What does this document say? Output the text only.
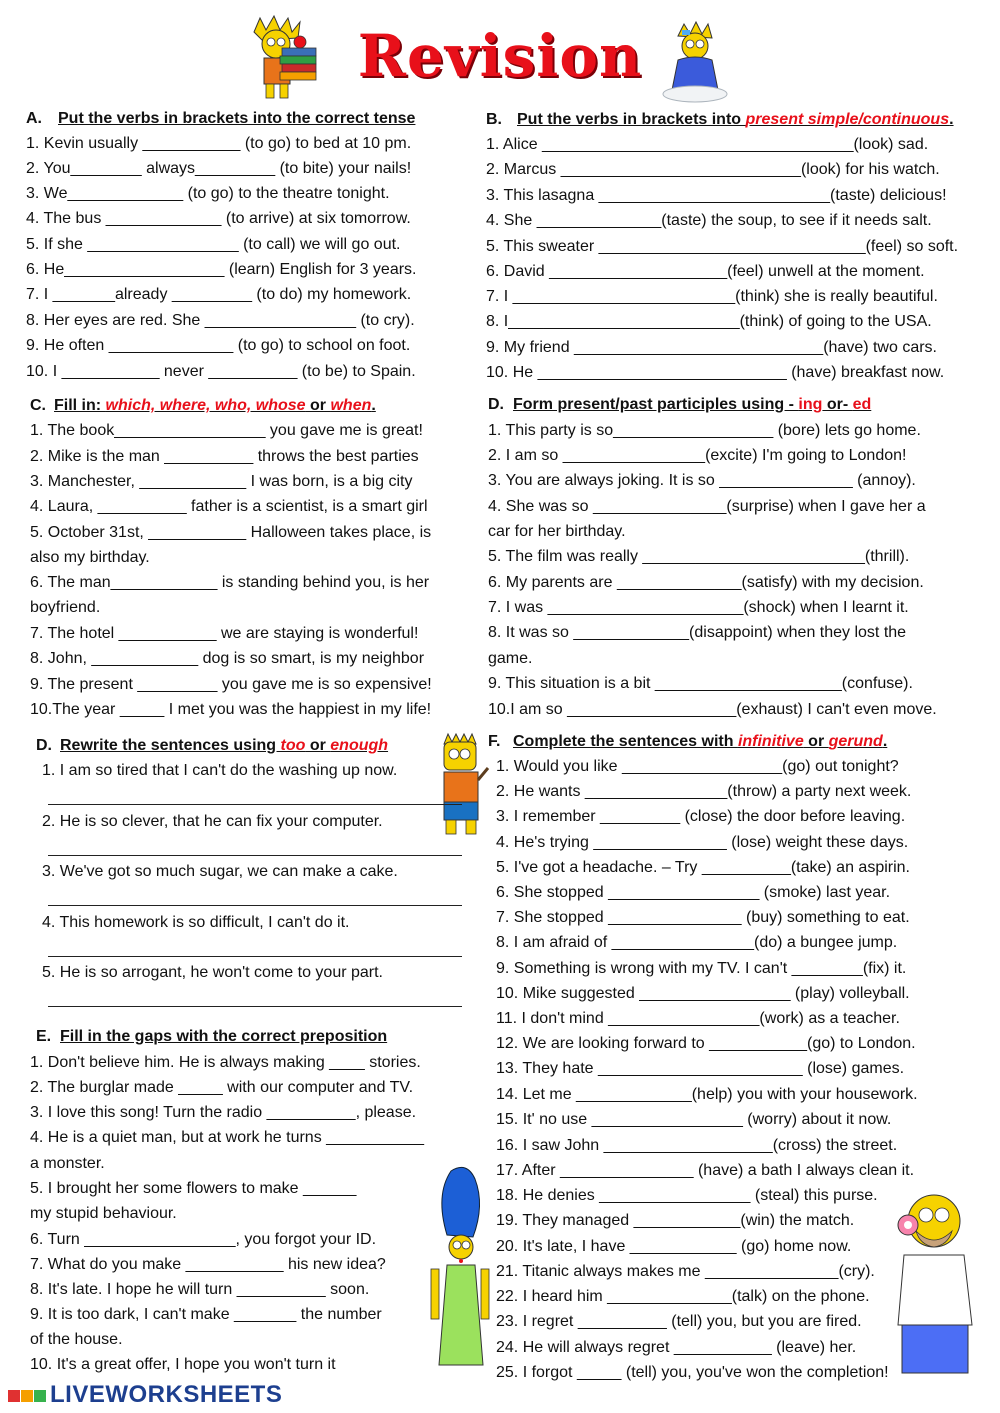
Revision
A. Put the verbs in brackets into the correct tense
1. Kevin usually ___________ (to go) to bed at 10 pm.
2. You________ always_________ (to bite) your nails!
3. We_____________ (to go) to the theatre tonight.
4. The bus _____________ (to arrive) at six tomorrow.
5. If she _________________ (to call) we will go out.
6. He__________________ (learn) English for 3 years.
7. I _______already _________ (to do) my homework.
8. Her eyes are red. She _________________ (to cry).
9. He often ______________ (to go) to school on foot.
10. I ___________ never __________ (to be) to Spain.
B. Put the verbs in brackets into present simple/continuous.
1. Alice ___________________________________(look) sad.
2. Marcus ___________________________(look) for his watch.
3. This lasagna __________________________(taste) delicious!
4. She ______________(taste) the soup, to see if it needs salt.
5. This sweater ______________________________(feel) so soft.
6. David ____________________(feel) unwell at the moment.
7. I _________________________(think) she is really beautiful.
8. I__________________________(think) of going to the USA.
9. My friend ____________________________(have) two cars.
10. He ____________________________ (have) breakfast now.
C. Fill in: which, where, who, whose or when.
1. The book_________________ you gave me is great!
2. Mike is the man __________ throws the best parties
3. Manchester, ____________ I was born, is a big city
4. Laura, __________ father is a scientist, is a smart girl
5. October 31st, ___________ Halloween takes place, is
also my birthday.
6. The man____________ is standing behind you, is her
boyfriend.
7. The hotel ___________ we are staying is wonderful!
8. John, ____________ dog is so smart, is my neighbor
9. The present _________ you gave me is so expensive!
10.The year _____ I met you was the happiest in my life!
D. Form present/past participles using - ing or- ed
1. This party is so__________________ (bore) lets go home.
2. I am so ________________(excite) I'm going to London!
3. You are always joking. It is so _______________ (annoy).
4. She was so _______________(surprise) when I gave her a
car for her birthday.
5. The film was really _________________________(thrill).
6. My parents are ______________(satisfy) with my decision.
7. I was ______________________(shock) when I learnt it.
8. It was so _____________(disappoint) when they lost the
game.
9. This situation is a bit _____________________(confuse).
10.I am so ___________________(exhaust) I can't even move.
D. Rewrite the sentences using too or enough
1. I am so tired that I can't do the washing up now.
2. He is so clever, that he can fix your computer.
3. We've got so much sugar, we can make a cake.
4. This homework is so difficult, I can't do it.
5. He is so arrogant, he won't come to your part.
E. Fill in the gaps with the correct preposition
1. Don't believe him. He is always making ____ stories.
2. The burglar made _____ with our computer and TV.
3. I love this song! Turn the radio __________, please.
4. He is a quiet man, but at work he turns ___________
a monster.
5. I brought her some flowers to make ______
my stupid behaviour.
6. Turn _________________, you forgot your ID.
7. What do you make ___________ his new idea?
8. It's late. I hope he will turn __________ soon.
9. It is too dark, I can't make _______ the number
of the house.
10. It's a great offer, I hope you won't turn it
F. Complete the sentences with infinitive or gerund.
1. Would you like __________________(go) out tonight?
2. He wants ________________(throw) a party next week.
3. I remember _________ (close) the door before leaving.
4. He's trying _______________ (lose) weight these days.
5. I've got a headache. – Try __________(take) an aspirin.
6. She stopped _________________ (smoke) last year.
7. She stopped _______________ (buy) something to eat.
8. I am afraid of ________________(do) a bungee jump.
9. Something is wrong with my TV. I can't ________(fix) it.
10. Mike suggested _________________ (play) volleyball.
11. I don't mind _________________(work) as a teacher.
12. We are looking forward to ___________(go) to London.
13. They hate _______________________ (lose) games.
14. Let me _____________(help) you with your housework.
15. It' no use _________________ (worry) about it now.
16. I saw John ___________________(cross) the street.
17. After _______________ (have) a bath I always clean it.
18. He denies _________________ (steal) this purse.
19. They managed ____________(win) the match.
20. It's late, I have ____________ (go) home now.
21. Titanic always makes me _______________(cry).
22. I heard him ______________(talk) on the phone.
23. I regret __________ (tell) you, but you are fired.
24. He will always regret ___________ (leave) her.
25. I forgot _____ (tell) you, you've won the completion!
LIVEWORKSHEETS
